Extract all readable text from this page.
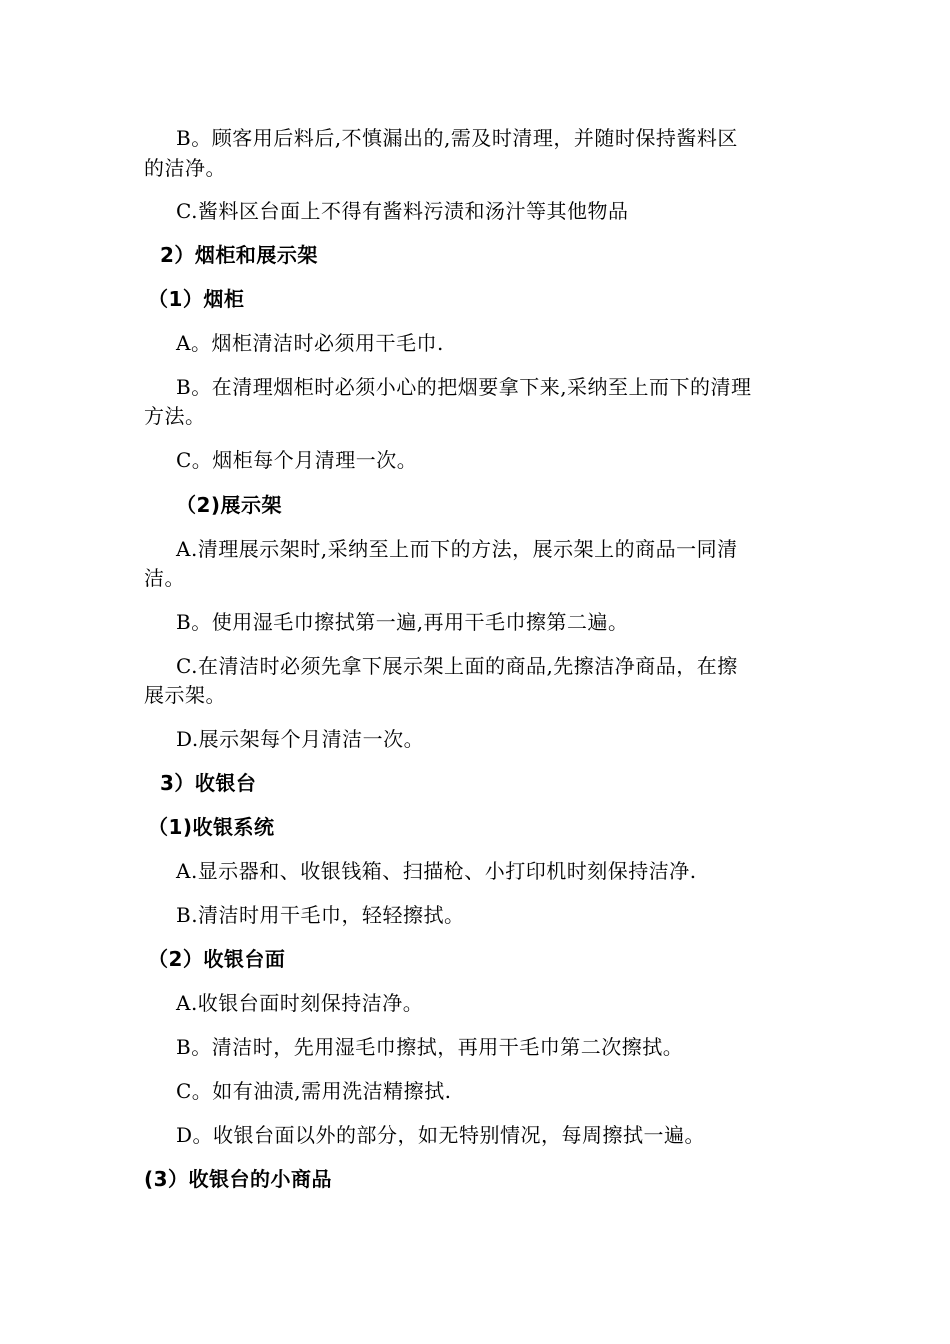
B。顾客用后料后,不慎漏出的,需及时清理，并随时保持酱料区
的洁净。
C.酱料区台面上不得有酱料污渍和汤汁等其他物品
2）烟柜和展示架
（1）烟柜
A。烟柜清洁时必须用干毛巾.
B。在清理烟柜时必须小心的把烟要拿下来,采纳至上而下的清理
方法。
C。烟柜每个月清理一次。
（2)展示架
A.清理展示架时,采纳至上而下的方法，展示架上的商品一同清
洁。
B。使用湿毛巾擦拭第一遍,再用干毛巾擦第二遍。
C.在清洁时必须先拿下展示架上面的商品,先擦洁净商品，在擦
展示架。
D.展示架每个月清洁一次。
3）收银台
（1)收银系统
A.显示器和、收银钱箱、扫描枪、小打印机时刻保持洁净.
B.清洁时用干毛巾，轻轻擦拭。
（2）收银台面
A.收银台面时刻保持洁净。
B。清洁时，先用湿毛巾擦拭，再用干毛巾第二次擦拭。
C。如有油渍,需用洗洁精擦拭.
D。收银台面以外的部分，如无特别情况，每周擦拭一遍。
(3）收银台的小商品
